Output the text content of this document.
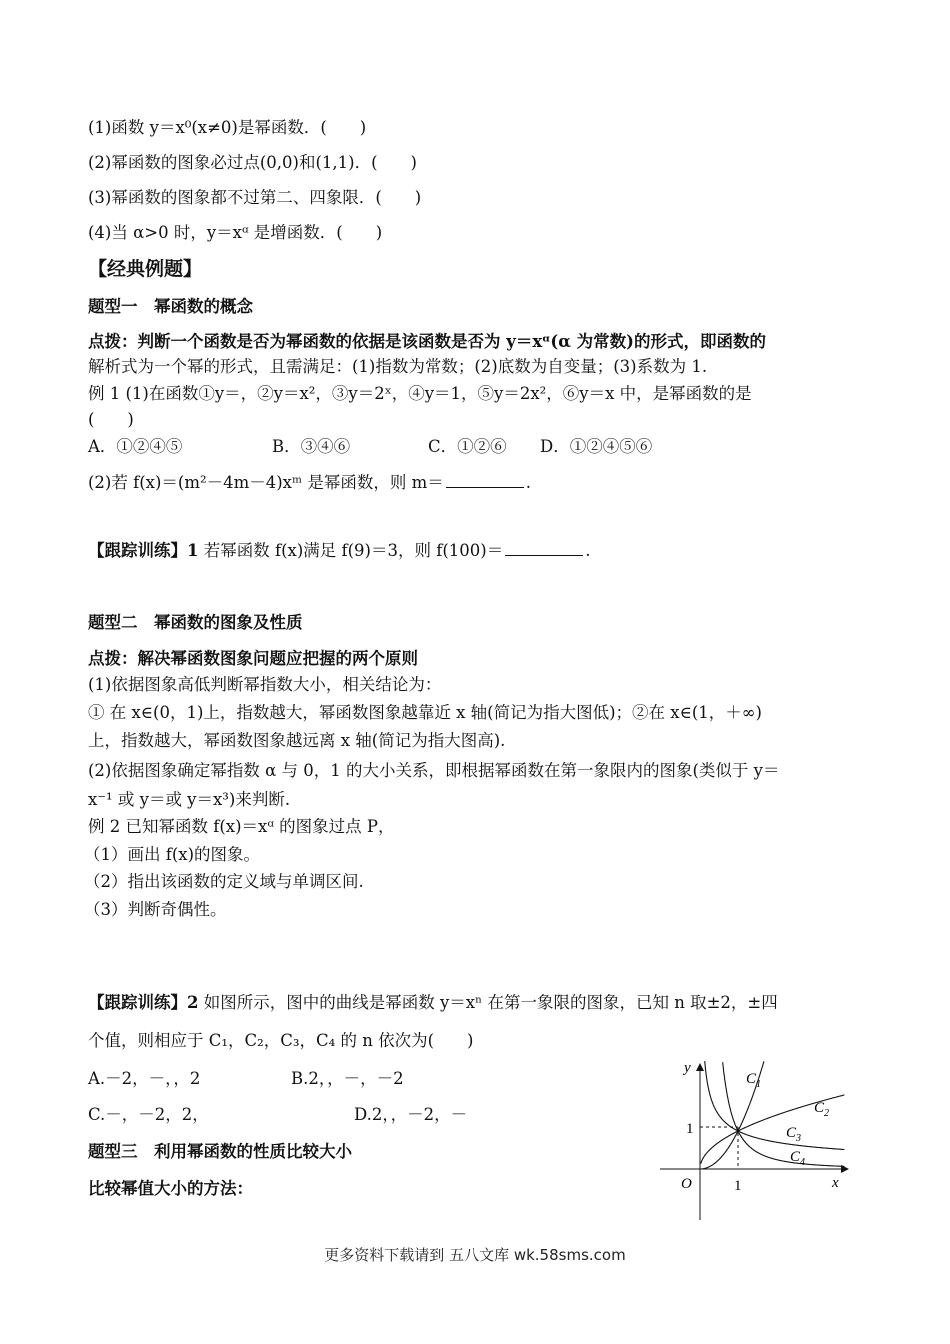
(1)函数 y＝x⁰(x≠0)是幂函数．(　　)
(2)幂函数的图象必过点(0,0)和(1,1)．(　　)
(3)幂函数的图象都不过第二、四象限．(　　)
(4)当 α>0 时，y＝xᵅ 是增函数．(　　)
【经典例题】
题型一　幂函数的概念
点拨：判断一个函数是否为幂函数的依据是该函数是否为 y＝xᵅ(α 为常数)的形式，即函数的
解析式为一个幂的形式，且需满足：(1)指数为常数；(2)底数为自变量；(3)系数为 1.
例 1 (1)在函数①y＝，②y＝x²，③y＝2ˣ，④y＝1，⑤y＝2x²，⑥y＝x 中，是幂函数的是
(　　)
A．①②④⑤	B．③④⑥	C．①②⑥ D．①②④⑤⑥
(2)若 f(x)＝(m²－4m－4)xᵐ 是幂函数，则 m＝	.
【跟踪训练】1 若幂函数 f(x)满足 f(9)＝3，则 f(100)＝	.
题型二　幂函数的图象及性质
点拨：解决幂函数图象问题应把握的两个原则
(1)依据图象高低判断幂指数大小，相关结论为：
① 在 x∈(0，1)上，指数越大，幂函数图象越靠近 x 轴(简记为指大图低)；②在 x∈(1，＋∞)
上，指数越大，幂函数图象越远离 x 轴(简记为指大图高).
(2)依据图象确定幂指数 α 与 0，1 的大小关系，即根据幂函数在第一象限内的图象(类似于 y＝
x⁻¹ 或 y＝或 y＝x³)来判断.
例 2 已知幂函数 f(x)＝xᵅ 的图象过点 P，
（1）画出 f(x)的图象。
（2）指出该函数的定义域与单调区间.
（3）判断奇偶性。
【跟踪训练】2 如图所示，图中的曲线是幂函数 y＝xⁿ 在第一象限的图象，已知 n 取±2，±四
个值，则相应于 C₁，C₂，C₃，C₄ 的 n 依次为(　　)
A.－2，－，，2	B.2，，－，－2
C.－，－2，2，	D.2，，－2，－
题型三　利用幂函数的性质比较大小
比较幂值大小的方法：
y
x
O	1
1
$C_1$
$C_2$
$C_3$
$C_4$
更多资料下载请到 五八文库 wk.58sms.com
